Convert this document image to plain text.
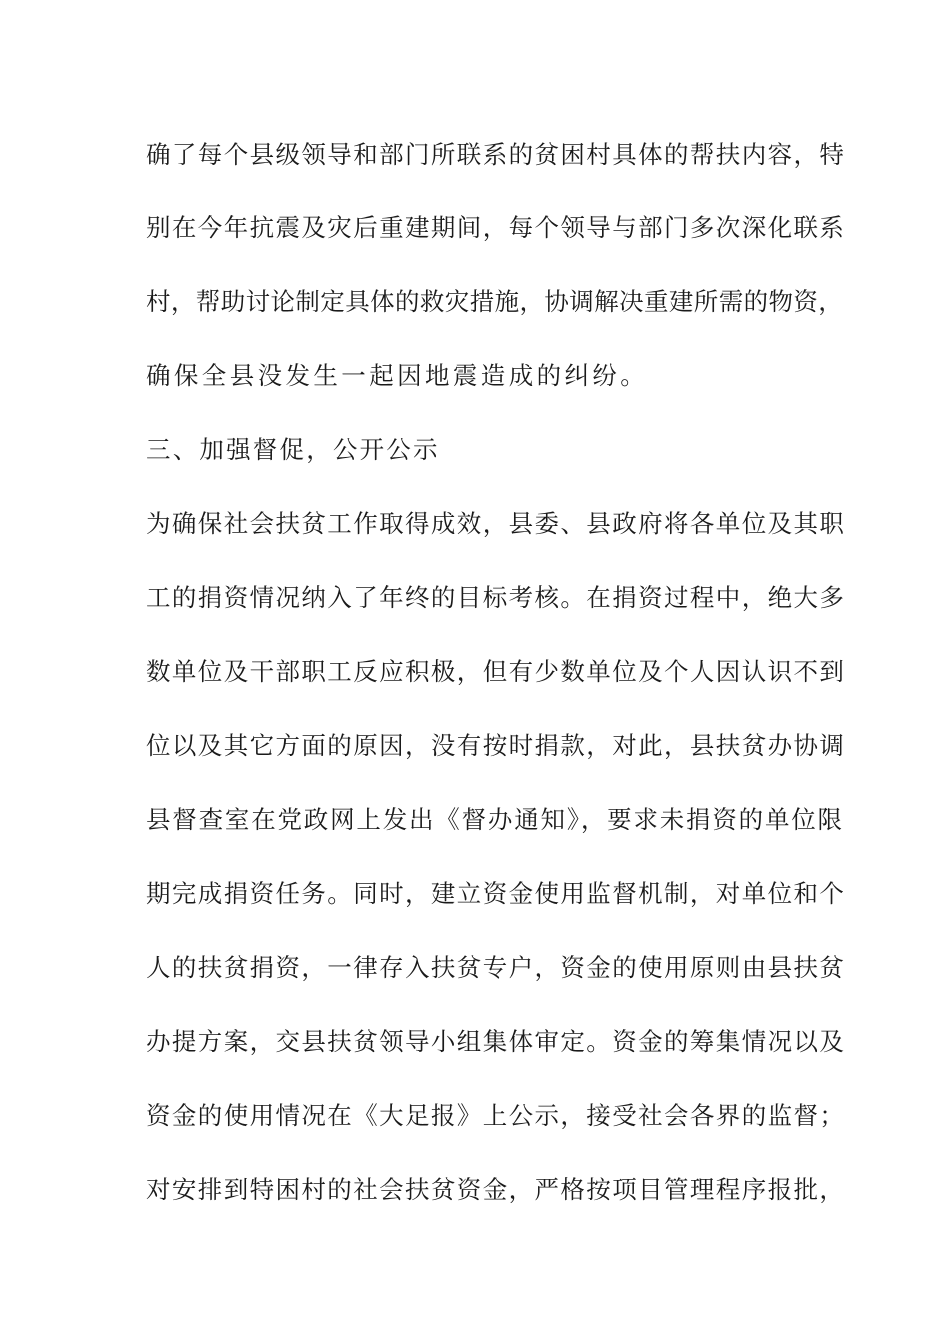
确了每个县级领导和部门所联系的贫困村具体的帮扶内容，特
别在今年抗震及灾后重建期间，每个领导与部门多次深化联系
村，帮助讨论制定具体的救灾措施，协调解决重建所需的物资，
确保全县没发生一起因地震造成的纠纷。
三、加强督促，公开公示
为确保社会扶贫工作取得成效，县委、县政府将各单位及其职
工的捐资情况纳入了年终的目标考核。在捐资过程中，绝大多
数单位及干部职工反应积极，但有少数单位及个人因认识不到
位以及其它方面的原因，没有按时捐款，对此，县扶贫办协调
县督查室在党政网上发出《督办通知》，要求未捐资的单位限
期完成捐资任务。同时，建立资金使用监督机制，对单位和个
人的扶贫捐资，一律存入扶贫专户，资金的使用原则由县扶贫
办提方案，交县扶贫领导小组集体审定。资金的筹集情况以及
资金的使用情况在《大足报》上公示，接受社会各界的监督；
对安排到特困村的社会扶贫资金，严格按项目管理程序报批，
